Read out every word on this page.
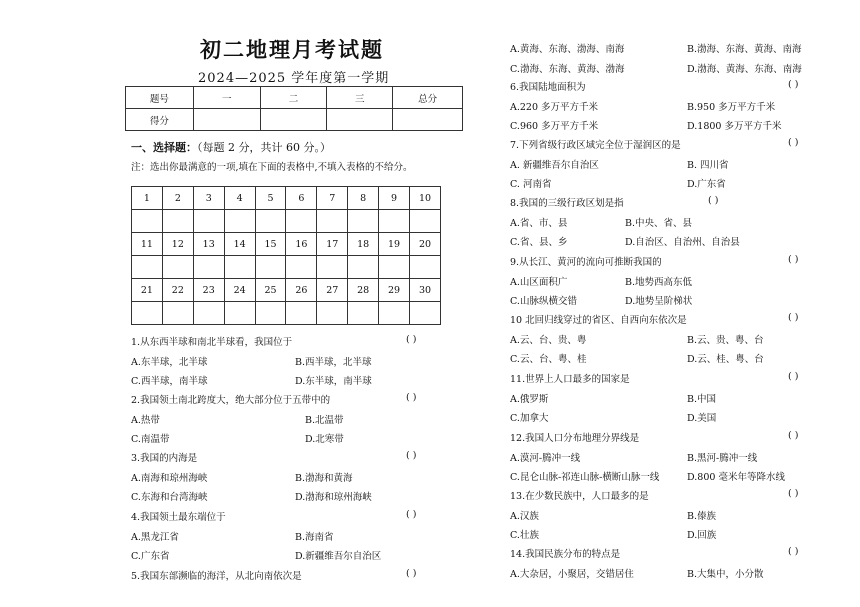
初二地理月考试题
2024—2025 学年度第一学期
题号	一	二	三	总分
得分				
一、选择题：（每题 2 分，共计 60 分。）
注：选出你最满意的一项,填在下面的表格中,不填入表格的不给分。
1	2	3	4	5	6	7	8	9	10

11	12	13	14	15	16	17	18	19	20

21	22	23	24	25	26	27	28	29	30

1.从东西半球和南北半球看，我国位于	( )
A.东半球，北半球	B.西半球，北半球
C.西半球，南半球	D.东半球，南半球
2.我国领土南北跨度大，绝大部分位于五带中的	( )
A.热带	B.北温带
C.南温带	D.北寒带
3.我国的内海是	( )
A.南海和琼州海峡	B.渤海和黄海
C.东海和台湾海峡	D.渤海和琼州海峡
4.我国领土最东端位于	( )
A.黑龙江省	B.海南省
C.广东省	D.新疆维吾尔自治区
5.我国东部濒临的海洋，从北向南依次是	( )
A.黄海、东海、渤海、南海	B.渤海、东海、黄海、南海
C.渤海、东海、黄海、渤海	D.渤海、黄海、东海、南海
6.我国陆地面积为	( )
A.220 多万平方千米	B.950 多万平方千米
C.960 多万平方千米	D.1800 多万平方千米
7.下列省级行政区域完全位于湿润区的是	( )
A. 新疆维吾尔自治区	B. 四川省
C. 河南省	D.广东省
8.我国的三级行政区划是指	( )
A.省、市、县	B.中央、省、县
C.省、县、乡	D.自治区、自治州、自治县
9.从长江、黄河的流向可推断我国的	( )
A.山区面积广	B.地势西高东低
C.山脉纵横交错	D.地势呈阶梯状
10 北回归线穿过的省区、自西向东依次是	( )
A.云、台、贵、粤	B.云、贵、粤、台
C.云、台、粤、桂	D.云、桂、粤、台
11.世界上人口最多的国家是	( )
A.俄罗斯	B.中国
C.加拿大	D.美国
12.我国人口分布地理分界线是	( )
A.漠河-腾冲一线	B.黑河-腾冲一线
C.昆仑山脉-祁连山脉-横断山脉一线	D.800 毫米年等降水线
13.在少数民族中，人口最多的是	( )
A.汉族	B.傣族
C.壮族	D.回族
14.我国民族分布的特点是	( )
A.大杂居，小聚居，交错居住	B.大集中，小分散
